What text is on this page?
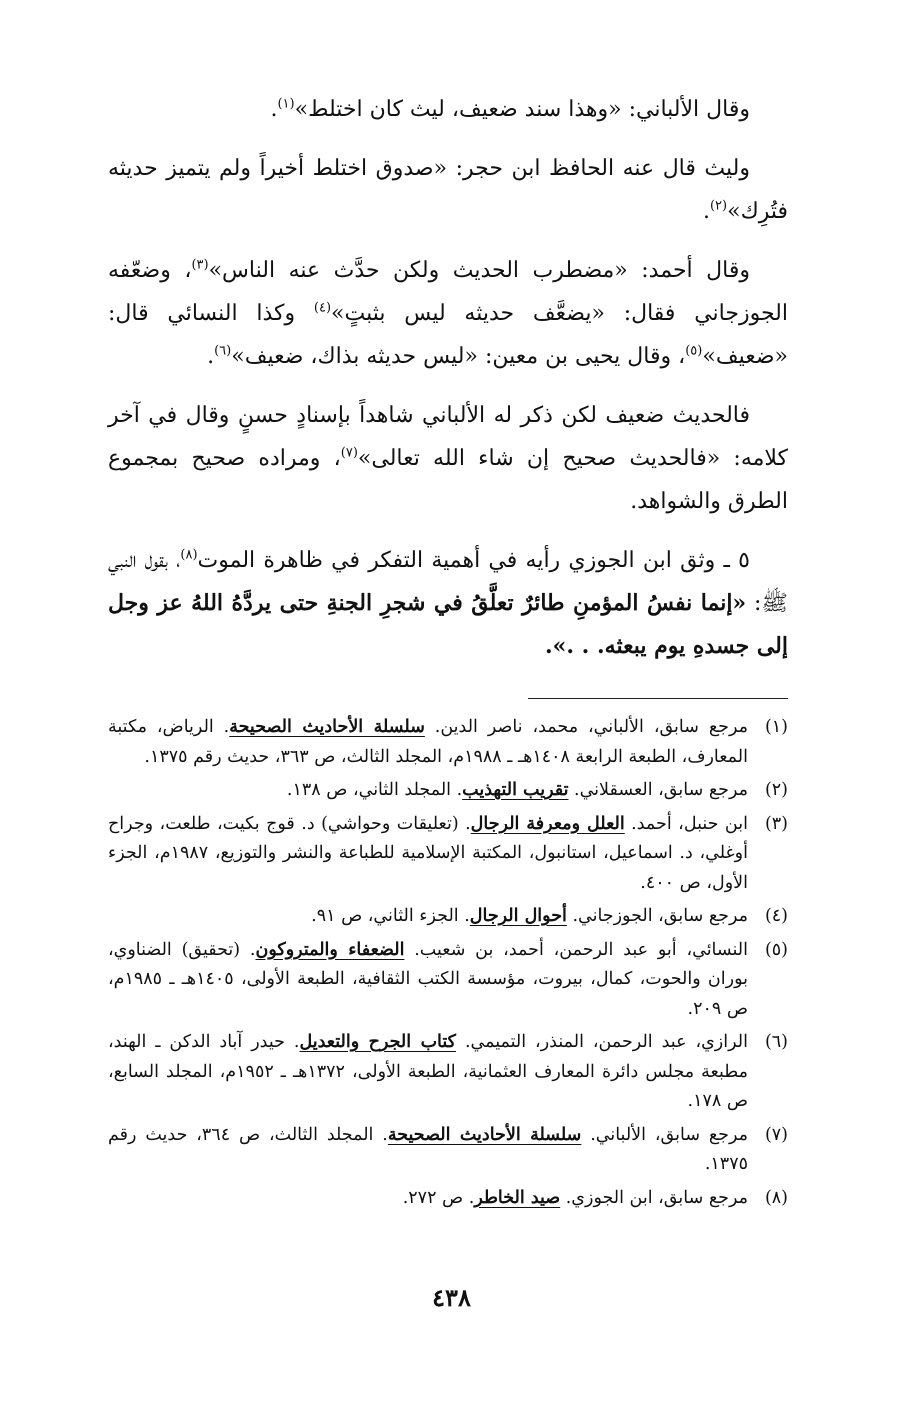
وقال الألباني: «وهذا سند ضعيف، ليث كان اختلط»$^{(١)}$.

وليث قال عنه الحافظ ابن حجر: «صدوق اختلط أخيراً ولم يتميز حديثه فتُرِك»$^{(٢)}$.

وقال أحمد: «مضطرب الحديث ولكن حدَّث عنه الناس»$^{(٣)}$، وضعّفه الجوزجاني فقال: «يضعَّف حديثه ليس بثبتٍ»$^{(٤)}$ وكذا النسائي قال: «ضعيف»$^{(٥)}$، وقال يحيى بن معين: «ليس حديثه بذاك، ضعيف»$^{(٦)}$.

فالحديث ضعيف لكن ذكر له الألباني شاهداً بإسنادٍ حسنٍ وقال في آخر كلامه: «فالحديث صحيح إن شاء الله تعالى»$^{(٧)}$، ومراده صحيح بمجموع الطرق والشواهد.

٥ ـ وثق ابن الجوزي رأيه في أهمية التفكر في ظاهرة الموت$^{(٨)}$، بقول النبي ﷺ: «إنما نفسُ المؤمنِ طائرٌ تعلَّقُ في شجرِ الجنةِ حتى يردَّهُ اللهُ عز وجل إلى جسدهِ يوم يبعثه. . .».

(١)
مرجع سابق، الألباني، محمد، ناصر الدين. سلسلة الأحاديث الصحيحة. الرياض، مكتبة المعارف، الطبعة الرابعة ١٤٠٨هـ ـ ١٩٨٨م، المجلد الثالث، ص ٣٦٣، حديث رقم ١٣٧٥.
(٢)
مرجع سابق، العسقلاني. تقريب التهذيب. المجلد الثاني، ص ١٣٨.
(٣)
ابن حنبل، أحمد. العلل ومعرفة الرجال. (تعليقات وحواشي) د. قوج بكيت، طلعت، وجراح أوغلي، د. اسماعيل، استانبول، المكتبة الإسلامية للطباعة والنشر والتوزيع، ١٩٨٧م، الجزء الأول، ص ٤٠٠.
(٤)
مرجع سابق، الجوزجاني. أحوال الرجال. الجزء الثاني، ص ٩١.
(٥)
النسائي، أبو عبد الرحمن، أحمد، بن شعيب. الضعفاء والمتروكون. (تحقيق) الضناوي، بوران والحوت، كمال، بيروت، مؤسسة الكتب الثقافية، الطبعة الأولى، ١٤٠٥هـ ـ ١٩٨٥م، ص ٢٠٩.
(٦)
الرازي، عبد الرحمن، المنذر، التميمي. كتاب الجرح والتعديل. حيدر آباد الدكن ـ الهند، مطبعة مجلس دائرة المعارف العثمانية، الطبعة الأولى، ١٣٧٢هـ ـ ١٩٥٢م، المجلد السابع، ص ١٧٨.
(٧)
مرجع سابق، الألباني. سلسلة الأحاديث الصحيحة. المجلد الثالث، ص ٣٦٤، حديث رقم ١٣٧٥.
(٨)
مرجع سابق، ابن الجوزي. صيد الخاطر. ص ٢٧٢.
٤٣٨
